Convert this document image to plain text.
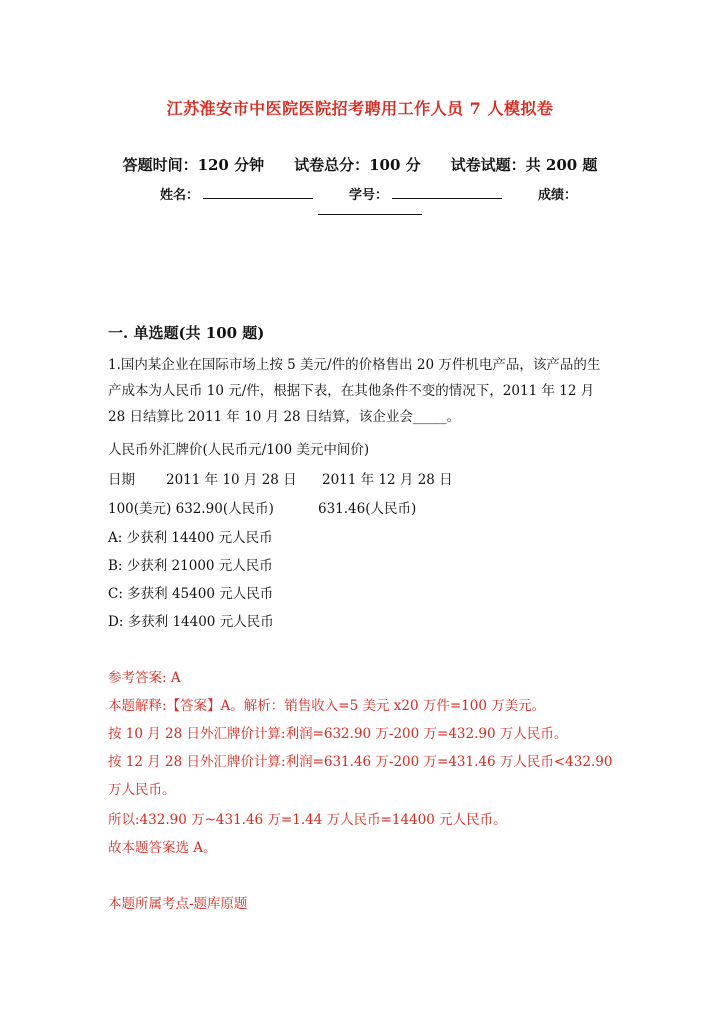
江苏淮安市中医院医院招考聘用工作人员 7 人模拟卷
答题时间：120 分钟 试卷总分：100 分 试卷试题：共 200 题
姓名：	学号：	成绩：
一. 单选题(共 100 题)
1.国内某企业在国际市场上按 5 美元/件的价格售出 20 万件机电产品，该产品的生产成本为人民币 10 元/件，根据下表，在其他条件不变的情况下，2011 年 12 月 28 日结算比 2011 年 10 月 28 日结算，该企业会_____。
人民币外汇牌价(人民币元/100 美元中间价)
日期 2011 年 10 月 28 日 2011 年 12 月 28 日
100(美元) 632.90(人民币)	631.46(人民币)
A: 少获利 14400 元人民币
B: 少获利 21000 元人民币
C: 多获利 45400 元人民币
D: 多获利 14400 元人民币
参考答案: A
本题解释:【答案】A。解析：销售收入=5 美元 x20 万件=100 万美元。
按 10 月 28 日外汇牌价计算:利润=632.90 万-200 万=432.90 万人民币。
按 12 月 28 日外汇牌价计算:利润=631.46 万-200 万=431.46 万人民币<432.90
万人民币。
所以:432.90 万~431.46 万=1.44 万人民币=14400 元人民币。
故本题答案选 A。
本题所属考点-题库原题
